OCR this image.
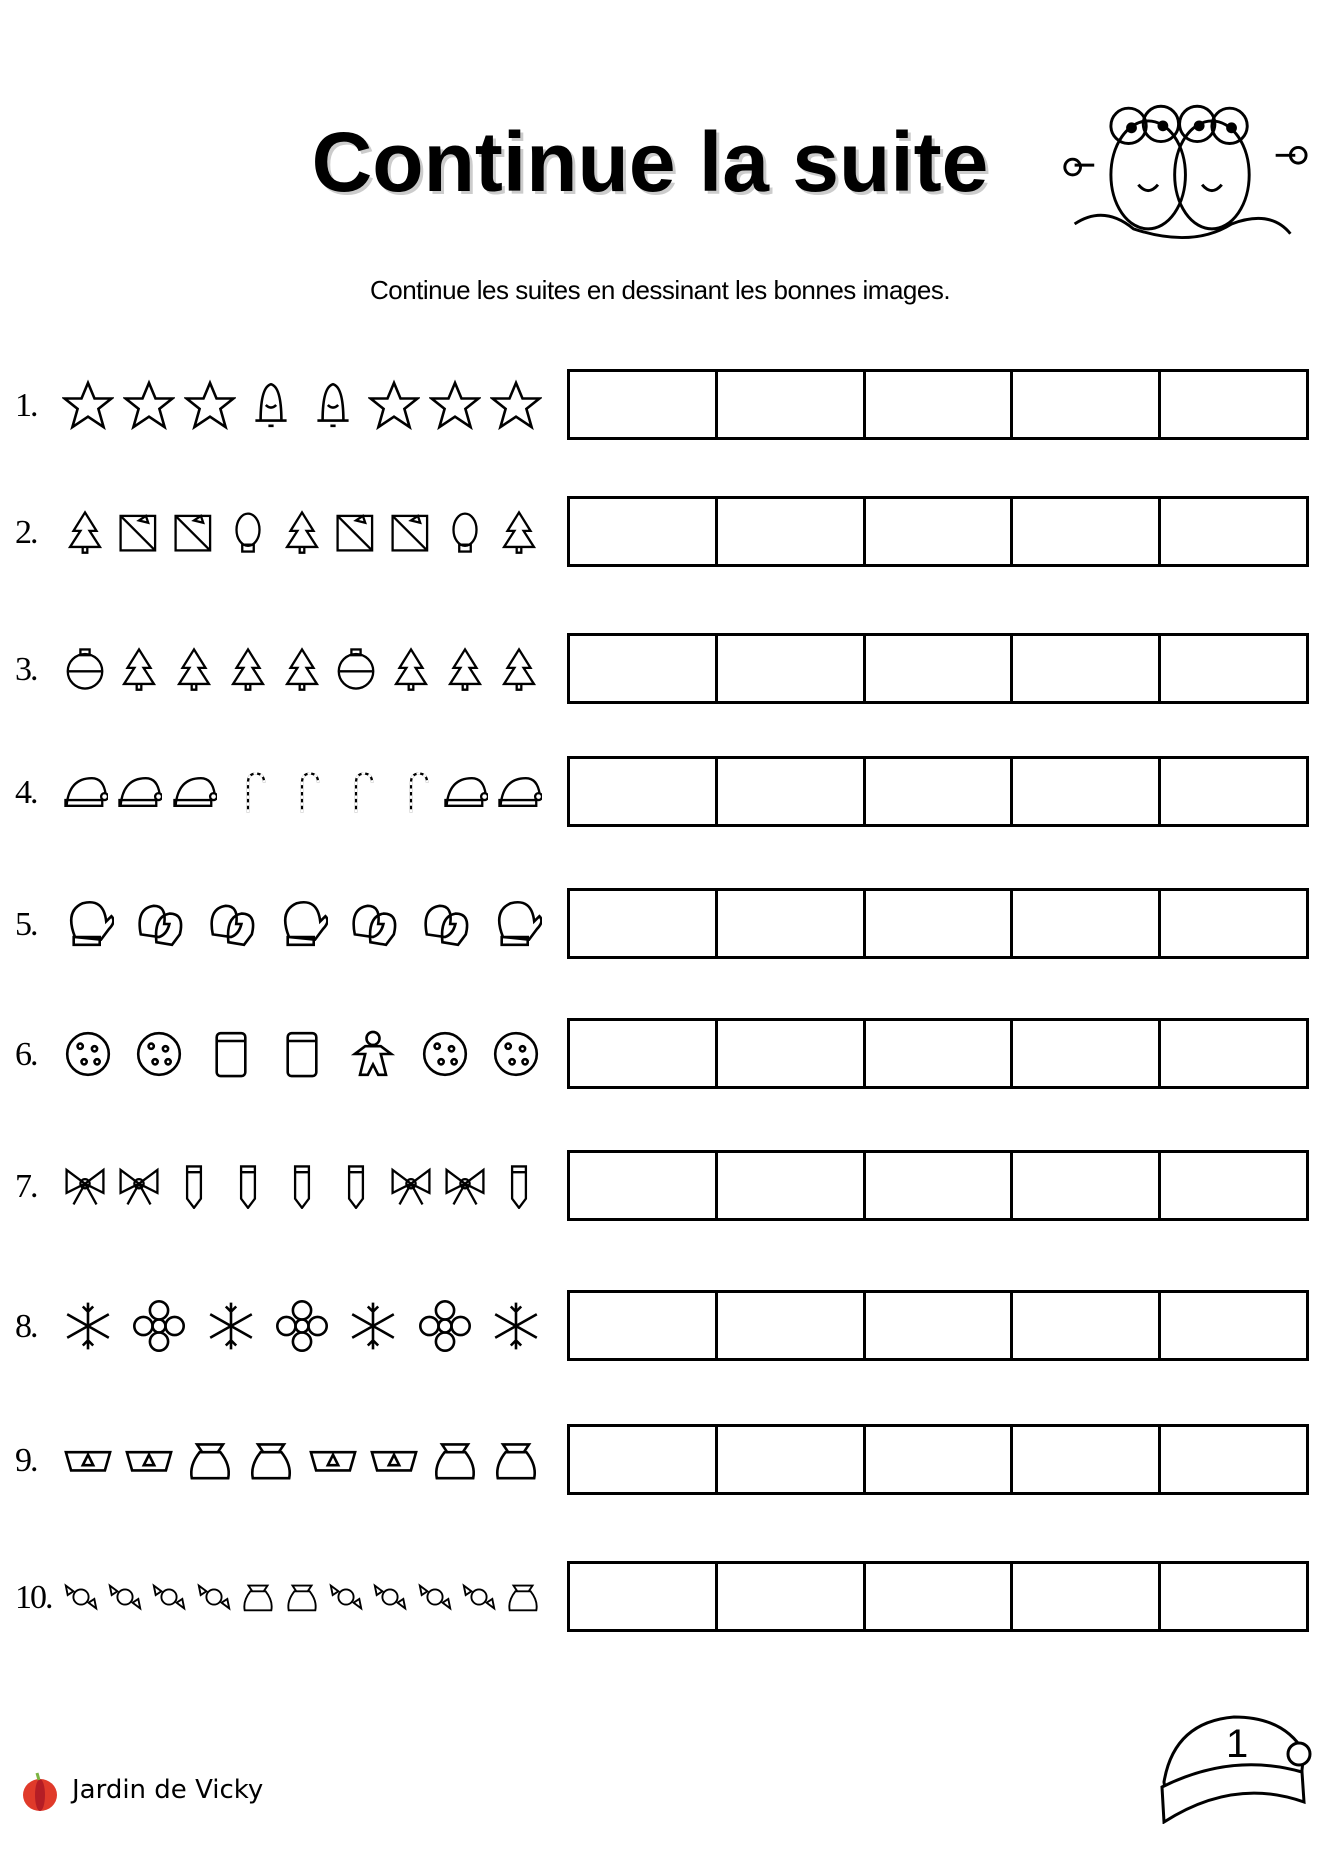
Continue la suite
Continue les suites en dessinant les bonnes images.
1.
2.
3.
4.
5.
6.
7.
8.
9.
10.
Jardin de Vicky
1
